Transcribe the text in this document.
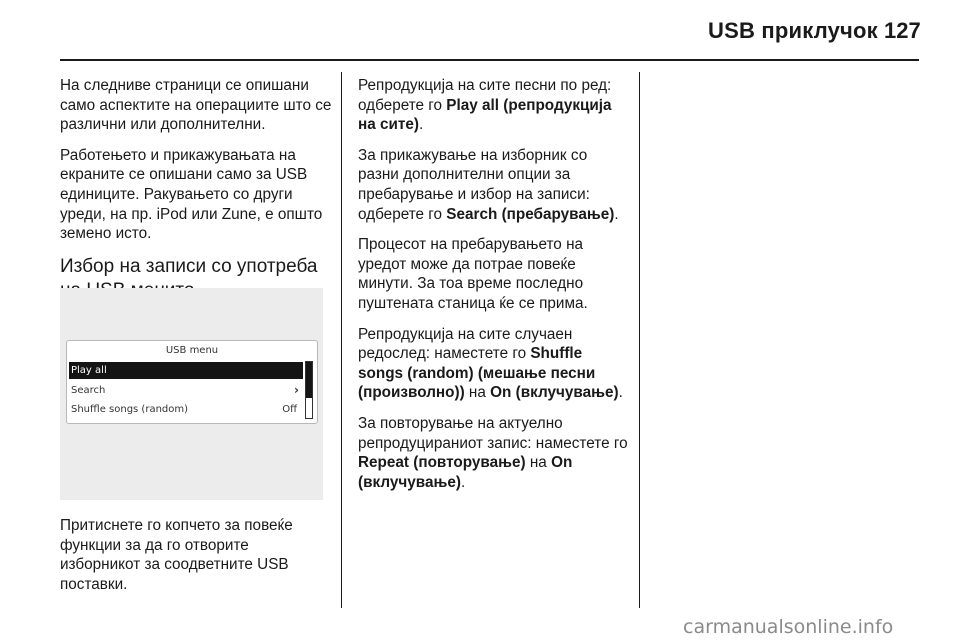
USB приклучок 127

На следниве страници се опишани само аспектите на операциите што се различни или дополнителни.

Работењето и прикажувањата на екраните се опишани само за USB единиците. Ракувањето со други уреди, на пр. iPod или Zune, е општо земено исто.

Избор на записи со употреба
USB menu
Play all
Search	›
Shuffle songs (random)	Off

Притиснете го копчето за повеќе функции за да го отворите изборникот за соодветните USB поставки.

Репродукција на сите песни по ред: одберете го Play all (репродукција на сите).

За прикажување на изборник со разни дополнителни опции за пребарување и избор на записи: одберете го Search (пребарување).

Процесот на пребарувањето на уредот може да потрае повеќе минути. За тоа време последно пуштената станица ќе се прима.

Репродукција на сите случаен редослед: наместете го Shuffle songs (random) (мешање песни (произволно)) на On (вклучување).

За повторување на актуелно репродуцираниот запис: наместете го Repeat (повторување) на On (вклучување).

carmanualsonline.info
